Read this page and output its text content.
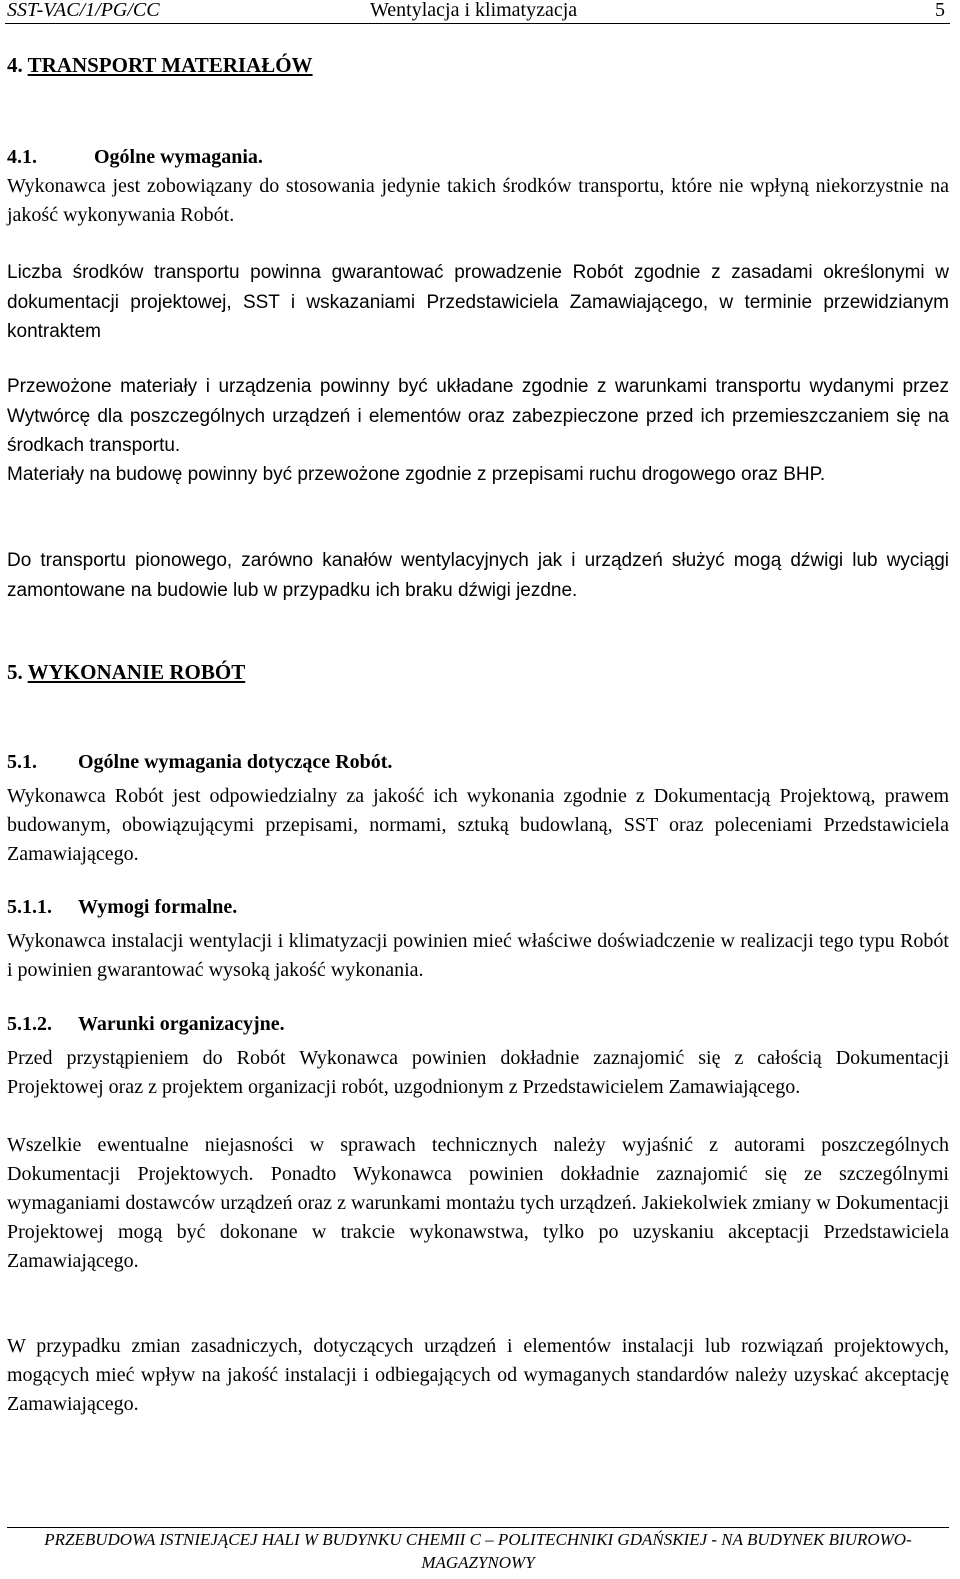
SST-VAC/1/PG/CC	Wentylacja i klimatyzacja	5
4. TRANSPORT MATERIAŁÓW
4.1.	Ogólne wymagania.
Wykonawca jest zobowiązany do stosowania jedynie takich środków transportu, które nie wpłyną niekorzystnie na jakość wykonywania Robót.
Liczba środków transportu powinna gwarantować prowadzenie Robót zgodnie z zasadami określonymi w dokumentacji projektowej, SST i wskazaniami Przedstawiciela Zamawiającego, w terminie przewidzianym kontraktem
Przewożone materiały i urządzenia powinny być układane zgodnie z warunkami transportu wydanymi przez Wytwórcę dla poszczególnych urządzeń i elementów oraz zabezpieczone przed ich przemieszczaniem się na środkach transportu.
Materiały na budowę powinny być przewożone zgodnie z przepisami ruchu drogowego oraz BHP.
Do transportu pionowego, zarówno kanałów wentylacyjnych jak i urządzeń służyć mogą dźwigi lub wyciągi zamontowane na budowie lub w przypadku ich braku dźwigi jezdne.
5. WYKONANIE ROBÓT
5.1. Ogólne wymagania dotyczące Robót.
Wykonawca Robót jest odpowiedzialny za jakość ich wykonania zgodnie z Dokumentacją Projektową, prawem budowanym, obowiązującymi przepisami, normami, sztuką budowlaną, SST oraz poleceniami Przedstawiciela Zamawiającego.
5.1.1. Wymogi formalne.
Wykonawca instalacji wentylacji i klimatyzacji powinien mieć właściwe doświadczenie w realizacji tego typu Robót i powinien gwarantować wysoką jakość wykonania.
5.1.2. Warunki organizacyjne.
Przed przystąpieniem do Robót Wykonawca powinien dokładnie zaznajomić się z całością Dokumentacji Projektowej oraz z projektem organizacji robót, uzgodnionym z Przedstawicielem Zamawiającego.
Wszelkie ewentualne niejasności w sprawach technicznych należy wyjaśnić z autorami poszczególnych Dokumentacji Projektowych. Ponadto Wykonawca powinien dokładnie zaznajomić się ze szczególnymi wymaganiami dostawców urządzeń oraz z warunkami montażu tych urządzeń. Jakiekolwiek zmiany w Dokumentacji Projektowej mogą być dokonane w trakcie wykonawstwa, tylko po uzyskaniu akceptacji Przedstawiciela Zamawiającego.
W przypadku zmian zasadniczych, dotyczących urządzeń i elementów instalacji lub rozwiązań projektowych, mogących mieć wpływ na jakość instalacji i odbiegających od wymaganych standardów należy uzyskać akceptację Zamawiającego.
PRZEBUDOWA ISTNIEJĄCEJ HALI W BUDYNKU CHEMII C – POLITECHNIKI GDAŃSKIEJ - NA BUDYNEK BIUROWO-MAGAZYNOWY
